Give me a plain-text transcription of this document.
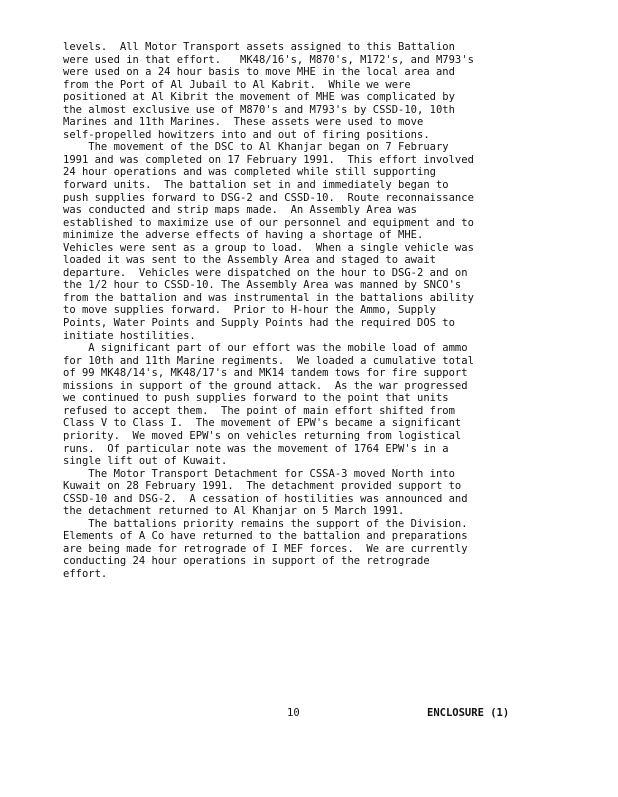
levels.  All Motor Transport assets assigned to this Battalion
were used in that effort.   MK48/16's, M870's, M172's, and M793's
were used on a 24 hour basis to move MHE in the local area and
from the Port of Al Jubail to Al Kabrit.  While we were
positioned at Al Kibrit the movement of MHE was complicated by
the almost exclusive use of M870's and M793's by CSSD-10, 10th
Marines and 11th Marines.  These assets were used to move
self-propelled howitzers into and out of firing positions.
The movement of the DSC to Al Khanjar began on 7 February
1991 and was completed on 17 February 1991.  This effort involved
24 hour operations and was completed while still supporting
forward units.  The battalion set in and immediately began to
push supplies forward to DSG-2 and CSSD-10.  Route reconnaissance
was conducted and strip maps made.  An Assembly Area was
established to maximize use of our personnel and equipment and to
minimize the adverse effects of having a shortage of MHE.
Vehicles were sent as a group to load.  When a single vehicle was
loaded it was sent to the Assembly Area and staged to await
departure.  Vehicles were dispatched on the hour to DSG-2 and on
the 1/2 hour to CSSD-10. The Assembly Area was manned by SNCO's
from the battalion and was instrumental in the battalions ability
to move supplies forward.  Prior to H-hour the Ammo, Supply
Points, Water Points and Supply Points had the required DOS to
initiate hostilities.
A significant part of our effort was the mobile load of ammo
for 10th and 11th Marine regiments.  We loaded a cumulative total
of 99 MK48/14's, MK48/17's and MK14 tandem tows for fire support
missions in support of the ground attack.  As the war progressed
we continued to push supplies forward to the point that units
refused to accept them.  The point of main effort shifted from
Class V to Class I.  The movement of EPW's became a significant
priority.  We moved EPW's on vehicles returning from logistical
runs.  Of particular note was the movement of 1764 EPW's in a
single lift out of Kuwait.
The Motor Transport Detachment for CSSA-3 moved North into
Kuwait on 28 February 1991.  The detachment provided support to
CSSD-10 and DSG-2.  A cessation of hostilities was announced and
the detachment returned to Al Khanjar on 5 March 1991.
The battalions priority remains the support of the Division.
Elements of A Co have returned to the battalion and preparations
are being made for retrograde of I MEF forces.  We are currently
conducting 24 hour operations in support of the retrograde
effort.
10	ENCLOSURE (1)
